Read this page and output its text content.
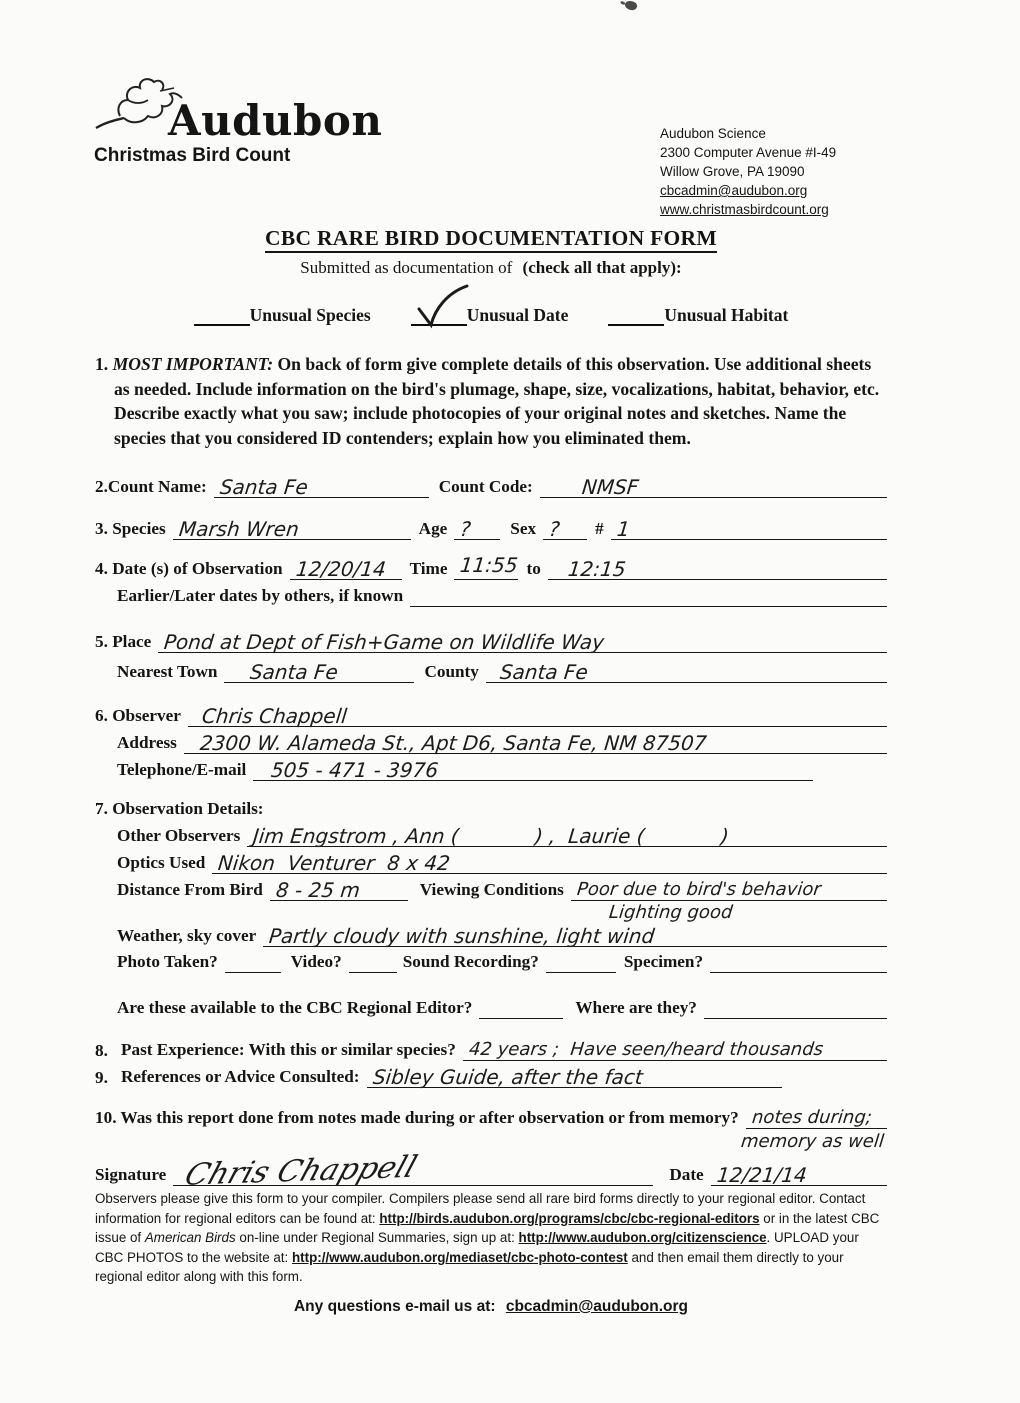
Audubon
Christmas Bird Count
Audubon Science
2300 Computer Avenue #I-49
Willow Grove, PA 19090
cbcadmin@audubon.org
www.christmasbirdcount.org
CBC RARE BIRD DOCUMENTATION FORM
Submitted as documentation of (check all that apply):
Unusual Species	Unusual Date	Unusual Habitat
1. MOST IMPORTANT: On back of form give complete details of this observation. Use additional sheets as needed. Include information on the bird's plumage, shape, size, vocalizations, habitat, behavior, etc. Describe exactly what you saw; include photocopies of your original notes and sketches. Name the species that you considered ID contenders; explain how you eliminated them.
2.Count Name: Santa Fe	Count Code:	NMSF
3. Species Marsh Wren	Age ?	Sex ?	# 1
4. Date (s) of Observation 12/20/14	Time 11:55 to	12:15
Earlier/Later dates by others, if known
5. Place Pond at Dept of Fish+Game on Wildlife Way
Nearest Town	Santa Fe	County Santa Fe
6. Observer Chris Chappell
Address	2300 W. Alameda St., Apt D6, Santa Fe, NM 87507
Telephone/E-mail	505 - 471 - 3976
7. Observation Details:
Other Observers Jim Engstrom , Ann (            ) ,  Laurie (            )
Optics Used Nikon  Venturer  8 x 42
Distance From Bird 8 - 25 m	Viewing Conditions Poor due to bird's behavior
Lighting good
Weather, sky cover Partly cloudy with sunshine, light wind
Photo Taken?	Video?	Sound Recording?	Specimen?
Are these available to the CBC Regional Editor?	Where are they?
8. Past Experience: With this or similar species? 42 years ;  Have seen/heard thousands
9. References or Advice Consulted: Sibley Guide, after the fact
10. Was this report done from notes made during or after observation or from memory? notes during;
memory as well
Signature Chris Chappell	Date 12/21/14
Observers please give this form to your compiler. Compilers please send all rare bird forms directly to your regional editor. Contact information for regional editors can be found at: http://birds.audubon.org/programs/cbc/cbc-regional-editors or in the latest CBC issue of American Birds on-line under Regional Summaries, sign up at: http://www.audubon.org/citizenscience. UPLOAD your CBC PHOTOS to the website at: http://www.audubon.org/mediaset/cbc-photo-contest and then email them directly to your regional editor along with this form.
Any questions e-mail us at: cbcadmin@audubon.org
